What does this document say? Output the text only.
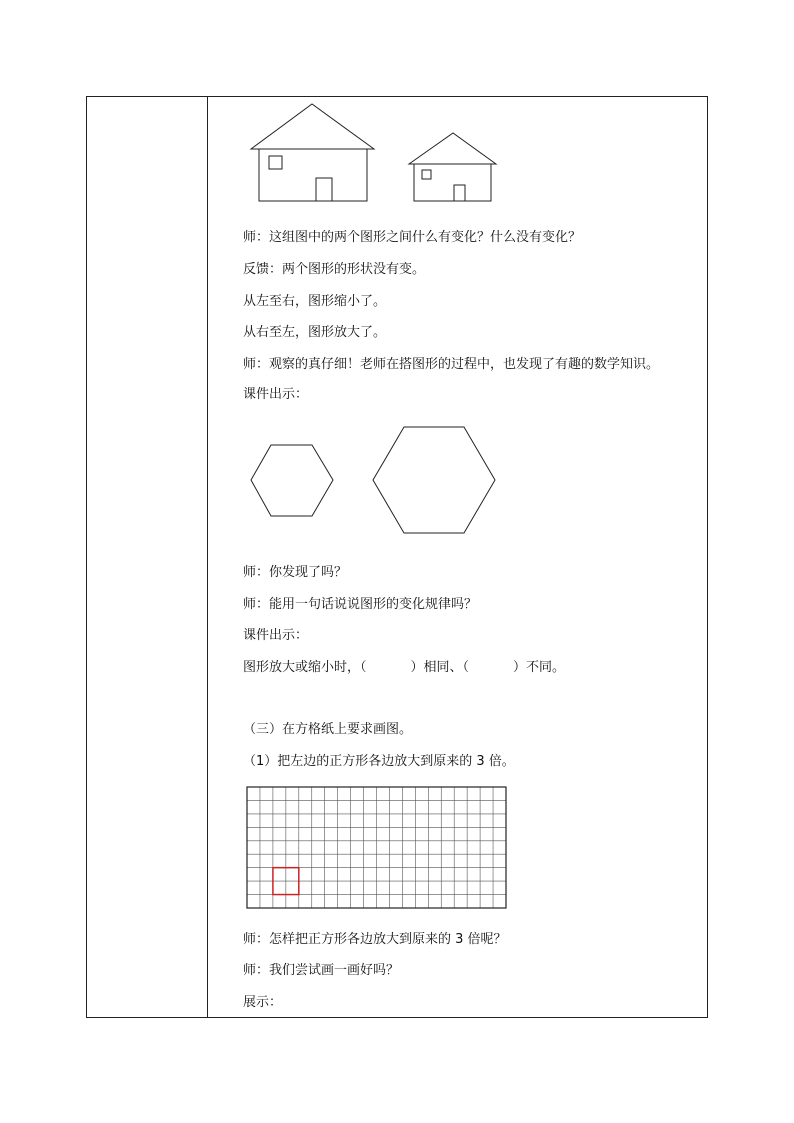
师：这组图中的两个图形之间什么有变化？什么没有变化？
反馈：两个图形的形状没有变。
从左至右，图形缩小了。
从右至左，图形放大了。
师：观察的真仔细！老师在搭图形的过程中，也发现了有趣的数学知识。
课件出示：
师：你发现了吗？
师：能用一句话说说图形的变化规律吗？
课件出示：
图形放大或缩小时，（	）相同、（	）不同。
（三）在方格纸上要求画图。
（1）把左边的正方形各边放大到原来的 3 倍。
师：怎样把正方形各边放大到原来的 3 倍呢？
师：我们尝试画一画好吗？
展示：
